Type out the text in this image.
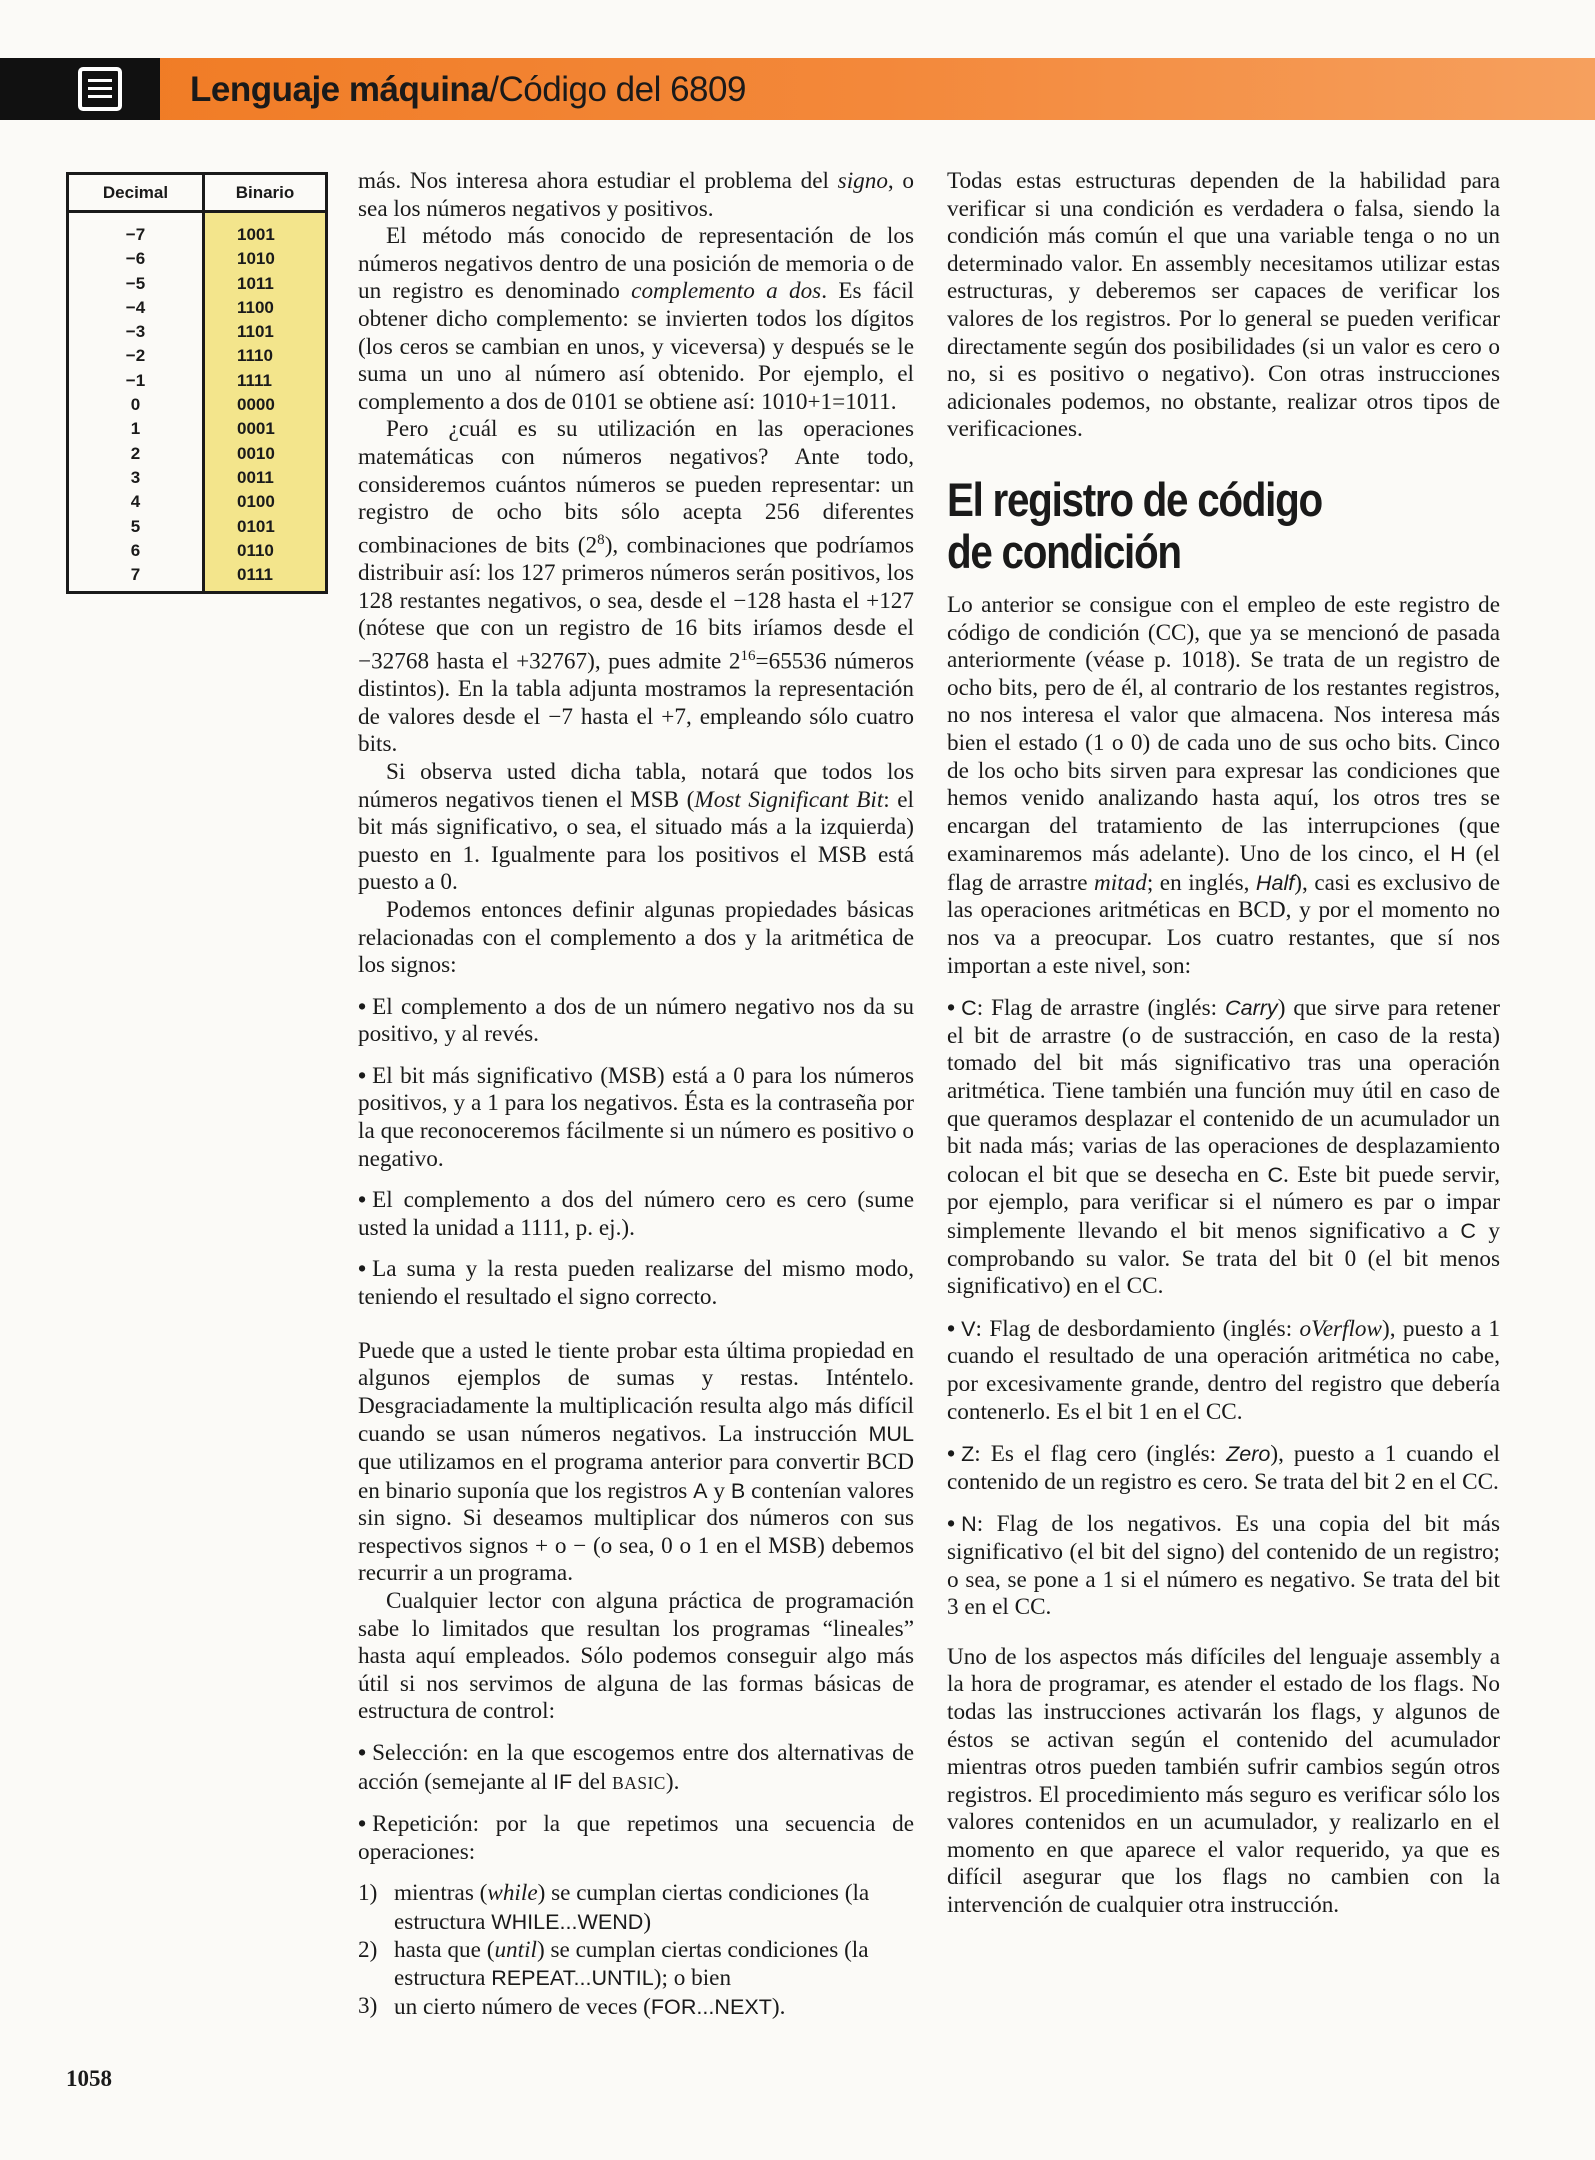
Lenguaje máquina/Código del 6809
Decimal	Binario
−7	1001
−6	1010
−5	1011
−4	1100
−3	1101
−2	1110
−1	1111
0	0000
1	0001
2	0010
3	0011
4	0100
5	0101
6	0110
7	0111

más. Nos interesa ahora estudiar el problema del signo, o sea los números negativos y positivos.

El método más conocido de representación de los números negativos dentro de una posición de memoria o de un registro es denominado complemento a dos. Es fácil obtener dicho complemento: se invierten todos los dígitos (los ceros se cambian en unos, y viceversa) y después se le suma un uno al número así obtenido. Por ejemplo, el complemento a dos de 0101 se obtiene así: 1010+1=1011.

Pero ¿cuál es su utilización en las operaciones matemáticas con números negativos? Ante todo, consideremos cuántos números se pueden representar: un registro de ocho bits sólo acepta 256 diferentes combinaciones de bits $(2^8)$, combinaciones que podríamos distribuir así: los 127 primeros números serán positivos, los 128 restantes negativos, o sea, desde el −128 hasta el +127 (nótese que con un registro de 16 bits iríamos desde el −32768 hasta el +32767), pues admite $2^{16}=65536$ números distintos). En la tabla adjunta mostramos la representación de valores desde el −7 hasta el +7, empleando sólo cuatro bits.

Si observa usted dicha tabla, notará que todos los números negativos tienen el MSB (Most Significant Bit: el bit más significativo, o sea, el situado más a la izquierda) puesto en 1. Igualmente para los positivos el MSB está puesto a 0.

Podemos entonces definir algunas propiedades básicas relacionadas con el complemento a dos y la aritmética de los signos:

• El complemento a dos de un número negativo nos da su positivo, y al revés.
• El bit más significativo (MSB) está a 0 para los números positivos, y a 1 para los negativos. Ésta es la contraseña por la que reconoceremos fácilmente si un número es positivo o negativo.
• El complemento a dos del número cero es cero (sume usted la unidad a 1111, p. ej.).
• La suma y la resta pueden realizarse del mismo modo, teniendo el resultado el signo correcto.

Puede que a usted le tiente probar esta última propiedad en algunos ejemplos de sumas y restas. Inténtelo. Desgraciadamente la multiplicación resulta algo más difícil cuando se usan números negativos. La instrucción MUL que utilizamos en el programa anterior para convertir BCD en binario suponía que los registros A y B contenían valores sin signo. Si deseamos multiplicar dos números con sus respectivos signos + o − (o sea, 0 o 1 en el MSB) debemos recurrir a un programa.

Cualquier lector con alguna práctica de programación sabe lo limitados que resultan los programas “lineales” hasta aquí empleados. Sólo podemos conseguir algo más útil si nos servimos de alguna de las formas básicas de estructura de control:

• Selección: en la que escogemos entre dos alternativas de acción (semejante al IF del BASIC).
• Repetición: por la que repetimos una secuencia de operaciones:
1) mientras (while) se cumplan ciertas condiciones (la estructura WHILE...WEND)
2) hasta que (until) se cumplan ciertas condiciones (la estructura REPEAT...UNTIL); o bien
3) un cierto número de veces (FOR...NEXT).

Todas estas estructuras dependen de la habilidad para verificar si una condición es verdadera o falsa, siendo la condición más común el que una variable tenga o no un determinado valor. En assembly necesitamos utilizar estas estructuras, y deberemos ser capaces de verificar los valores de los registros. Por lo general se pueden verificar directamente según dos posibilidades (si un valor es cero o no, si es positivo o negativo). Con otras instrucciones adicionales podemos, no obstante, realizar otros tipos de verificaciones.

El registro de código
de condición

Lo anterior se consigue con el empleo de este registro de código de condición (CC), que ya se mencionó de pasada anteriormente (véase p. 1018). Se trata de un registro de ocho bits, pero de él, al contrario de los restantes registros, no nos interesa el valor que almacena. Nos interesa más bien el estado (1 o 0) de cada uno de sus ocho bits. Cinco de los ocho bits sirven para expresar las condiciones que hemos venido analizando hasta aquí, los otros tres se encargan del tratamiento de las interrupciones (que examinaremos más adelante). Uno de los cinco, el H (el flag de arrastre mitad; en inglés, Half), casi es exclusivo de las operaciones aritméticas en BCD, y por el momento no nos va a preocupar. Los cuatro restantes, que sí nos importan a este nivel, son:

• C: Flag de arrastre (inglés: Carry) que sirve para retener el bit de arrastre (o de sustracción, en caso de la resta) tomado del bit más significativo tras una operación aritmética. Tiene también una función muy útil en caso de que queramos desplazar el contenido de un acumulador un bit nada más; varias de las operaciones de desplazamiento colocan el bit que se desecha en C. Este bit puede servir, por ejemplo, para verificar si el número es par o impar simplemente llevando el bit menos significativo a C y comprobando su valor. Se trata del bit 0 (el bit menos significativo) en el CC.
• V: Flag de desbordamiento (inglés: oVerflow), puesto a 1 cuando el resultado de una operación aritmética no cabe, por excesivamente grande, dentro del registro que debería contenerlo. Es el bit 1 en el CC.
• Z: Es el flag cero (inglés: Zero), puesto a 1 cuando el contenido de un registro es cero. Se trata del bit 2 en el CC.
• N: Flag de los negativos. Es una copia del bit más significativo (el bit del signo) del contenido de un registro; o sea, se pone a 1 si el número es negativo. Se trata del bit 3 en el CC.

Uno de los aspectos más difíciles del lenguaje assembly a la hora de programar, es atender el estado de los flags. No todas las instrucciones activarán los flags, y algunos de éstos se activan según el contenido del acumulador mientras otros pueden también sufrir cambios según otros registros. El procedimiento más seguro es verificar sólo los valores contenidos en un acumulador, y realizarlo en el momento en que aparece el valor requerido, ya que es difícil asegurar que los flags no cambien con la intervención de cualquier otra instrucción.

1058
